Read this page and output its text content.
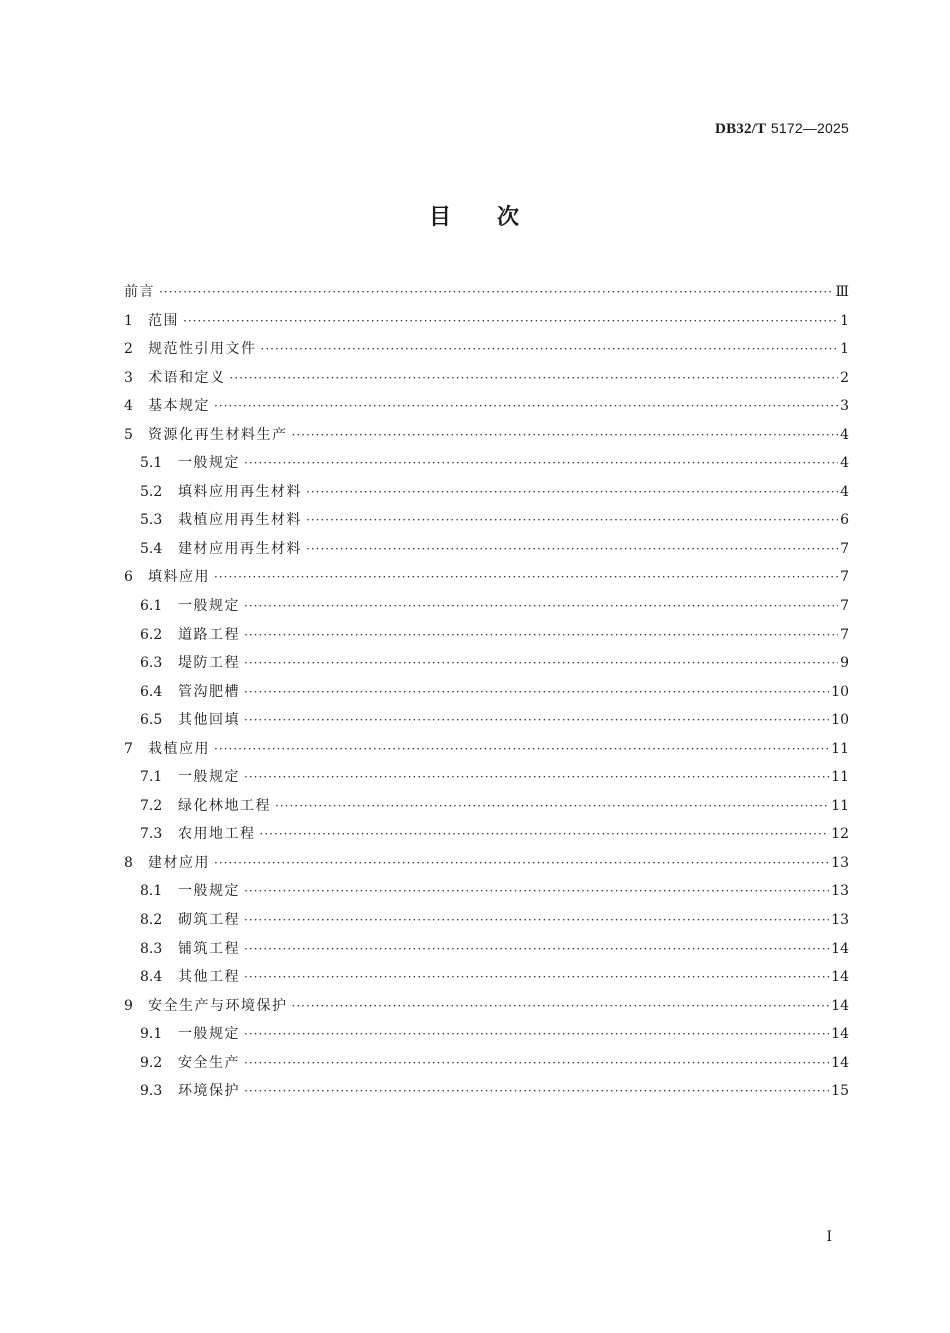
DB32/T 5172—2025
目 次
前言 ·····	Ⅲ
1	范围 ·····	1
2	规范性引用文件 ·····	1
3	术语和定义 ·····	2
4	基本规定 ·····	3
5	资源化再生材料生产 ·····	4
5.1	一般规定 ·····	4
5.2	填料应用再生材料 ·····	4
5.3	栽植应用再生材料 ·····	6
5.4	建材应用再生材料 ·····	7
6	填料应用 ·····	7
6.1	一般规定 ·····	7
6.2	道路工程 ·····	7
6.3	堤防工程 ·····	9
6.4	管沟肥槽 ·····	10
6.5	其他回填 ·····	10
7	栽植应用 ·····	11
7.1	一般规定 ·····	11
7.2	绿化林地工程 ·····	11
7.3	农用地工程 ·····	12
8	建材应用 ·····	13
8.1	一般规定 ·····	13
8.2	砌筑工程 ·····	13
8.3	铺筑工程 ·····	14
8.4	其他工程 ·····	14
9	安全生产与环境保护 ·····	14
9.1	一般规定 ·····	14
9.2	安全生产 ·····	14
9.3	环境保护 ·····	15
I
